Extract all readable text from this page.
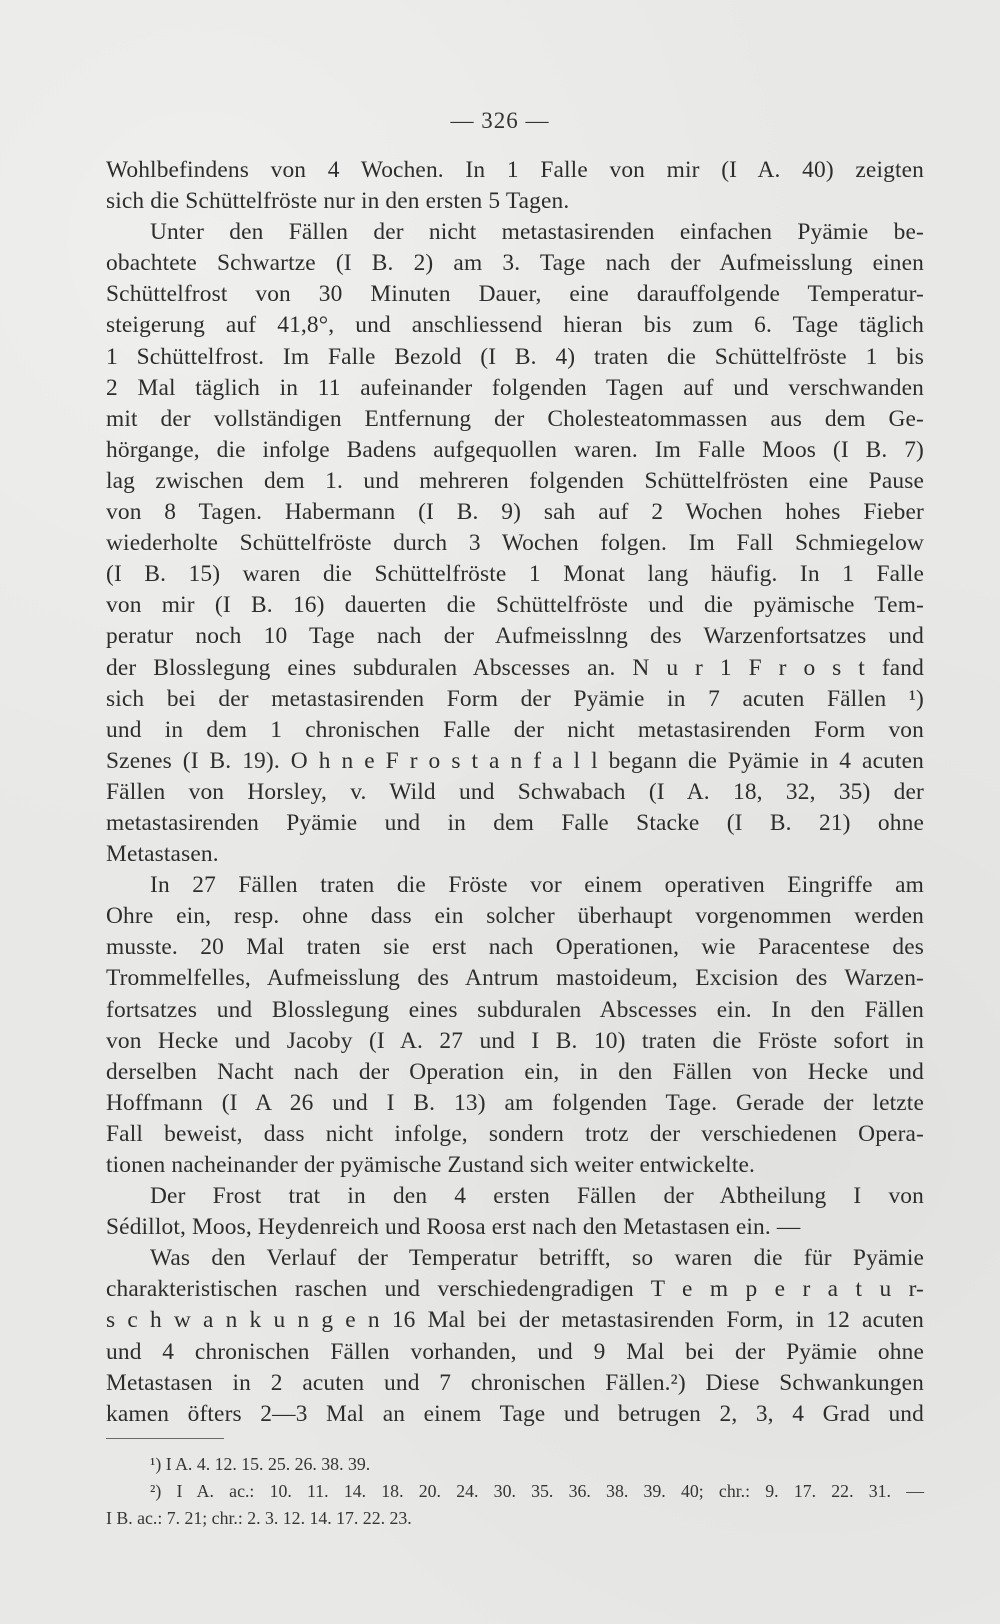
— 326 —
Wohlbefindens von 4 Wochen. In 1 Falle von mir (I A. 40) zeigten
sich die Schüttelfröste nur in den ersten 5 Tagen.
Unter den Fällen der nicht metastasirenden einfachen Pyämie be-
obachtete Schwartze (I B. 2) am 3. Tage nach der Aufmeisslung einen
Schüttelfrost von 30 Minuten Dauer, eine darauffolgende Temperatur-
steigerung auf 41,8°, und anschliessend hieran bis zum 6. Tage täglich
1 Schüttelfrost. Im Falle Bezold (I B. 4) traten die Schüttelfröste 1 bis
2 Mal täglich in 11 aufeinander folgenden Tagen auf und verschwanden
mit der vollständigen Entfernung der Cholesteatommassen aus dem Ge-
hörgange, die infolge Badens aufgequollen waren. Im Falle Moos (I B. 7)
lag zwischen dem 1. und mehreren folgenden Schüttelfrösten eine Pause
von 8 Tagen. Habermann (I B. 9) sah auf 2 Wochen hohes Fieber
wiederholte Schüttelfröste durch 3 Wochen folgen. Im Fall Schmiegelow
(I B. 15) waren die Schüttelfröste 1 Monat lang häufig. In 1 Falle
von mir (I B. 16) dauerten die Schüttelfröste und die pyämische Tem-
peratur noch 10 Tage nach der Aufmeisslnng des Warzenfortsatzes und
der Blosslegung eines subduralen Abscesses an. N u r 1 F r o s t fand
sich bei der metastasirenden Form der Pyämie in 7 acuten Fällen ¹)
und in dem 1 chronischen Falle der nicht metastasirenden Form von
Szenes (I B. 19). O h n e F r o s t a n f a l l begann die Pyämie in 4 acuten
Fällen von Horsley, v. Wild und Schwabach (I A. 18, 32, 35) der
metastasirenden Pyämie und in dem Falle Stacke (I B. 21) ohne
Metastasen.
In 27 Fällen traten die Fröste vor einem operativen Eingriffe am
Ohre ein, resp. ohne dass ein solcher überhaupt vorgenommen werden
musste. 20 Mal traten sie erst nach Operationen, wie Paracentese des
Trommelfelles, Aufmeisslung des Antrum mastoideum, Excision des Warzen-
fortsatzes und Blosslegung eines subduralen Abscesses ein. In den Fällen
von Hecke und Jacoby (I A. 27 und I B. 10) traten die Fröste sofort in
derselben Nacht nach der Operation ein, in den Fällen von Hecke und
Hoffmann (I A 26 und I B. 13) am folgenden Tage. Gerade der letzte
Fall beweist, dass nicht infolge, sondern trotz der verschiedenen Opera-
tionen nacheinander der pyämische Zustand sich weiter entwickelte.
Der Frost trat in den 4 ersten Fällen der Abtheilung I von
Sédillot, Moos, Heydenreich und Roosa erst nach den Metastasen ein. —
Was den Verlauf der Temperatur betrifft, so waren die für Pyämie
charakteristischen raschen und verschiedengradigen T e m p e r a t u r-
s c h w a n k u n g e n 16 Mal bei der metastasirenden Form, in 12 acuten
und 4 chronischen Fällen vorhanden, und 9 Mal bei der Pyämie ohne
Metastasen in 2 acuten und 7 chronischen Fällen.²) Diese Schwankungen
kamen öfters 2—3 Mal an einem Tage und betrugen 2, 3, 4 Grad und
¹) I A. 4. 12. 15. 25. 26. 38. 39.
²) I A. ac.: 10. 11. 14. 18. 20. 24. 30. 35. 36. 38. 39. 40; chr.: 9. 17. 22. 31. —
I B. ac.: 7. 21; chr.: 2. 3. 12. 14. 17. 22. 23.
